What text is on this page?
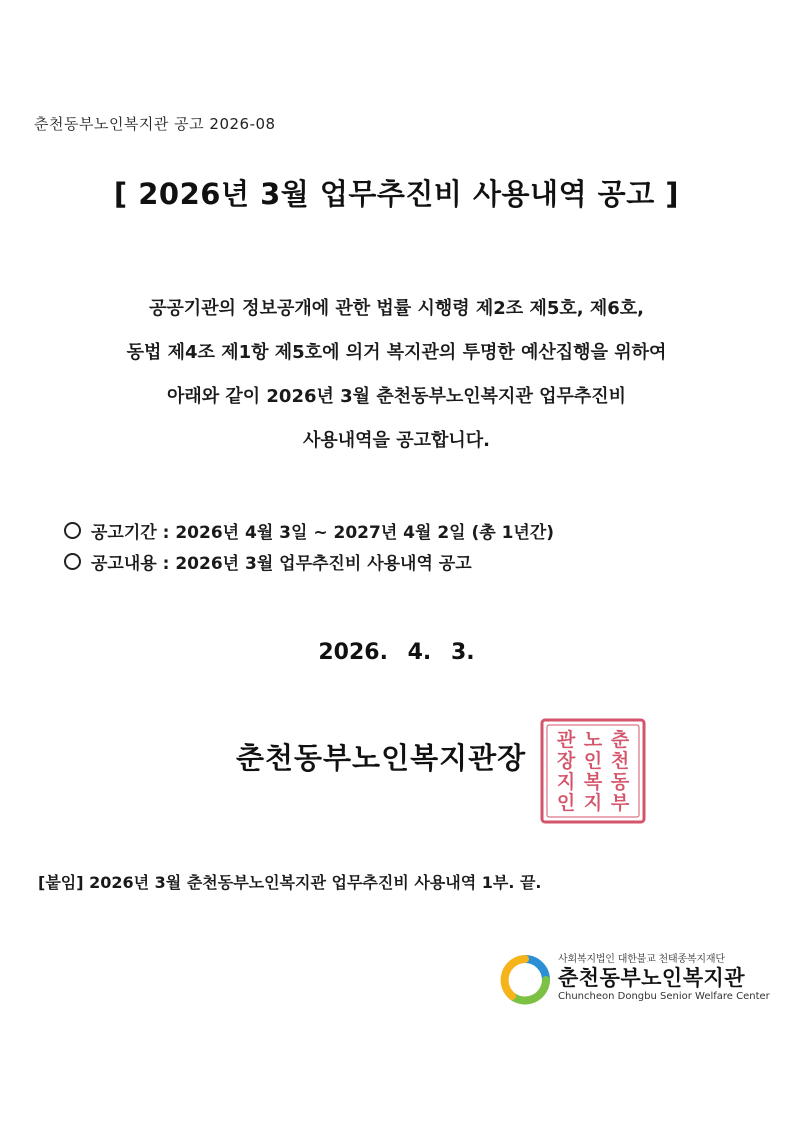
춘천동부노인복지관 공고 2026-08
[ 2026년 3월 업무추진비 사용내역 공고 ]
공공기관의 정보공개에 관한 법률 시행령 제2조 제5호, 제6호,
동법 제4조 제1항 제5호에 의거 복지관의 투명한 예산집행을 위하여
아래와 같이 2026년 3월 춘천동부노인복지관 업무추진비
사용내역을 공고합니다.
공고기간 : 2026년 4월 3일 ~ 2027년 4월 2일 (총 1년간)
공고내용 : 2026년 3월 업무추진비 사용내역 공고
2026. 4. 3.
춘천동부노인복지관장
춘
천
동
부
노
인
복
지
관
장
지
인
[붙임] 2026년 3월 춘천동부노인복지관 업무추진비 사용내역 1부. 끝.
사회복지법인 대한불교 천태종복지재단
춘천동부노인복지관
Chuncheon Dongbu Senior Welfare Center
